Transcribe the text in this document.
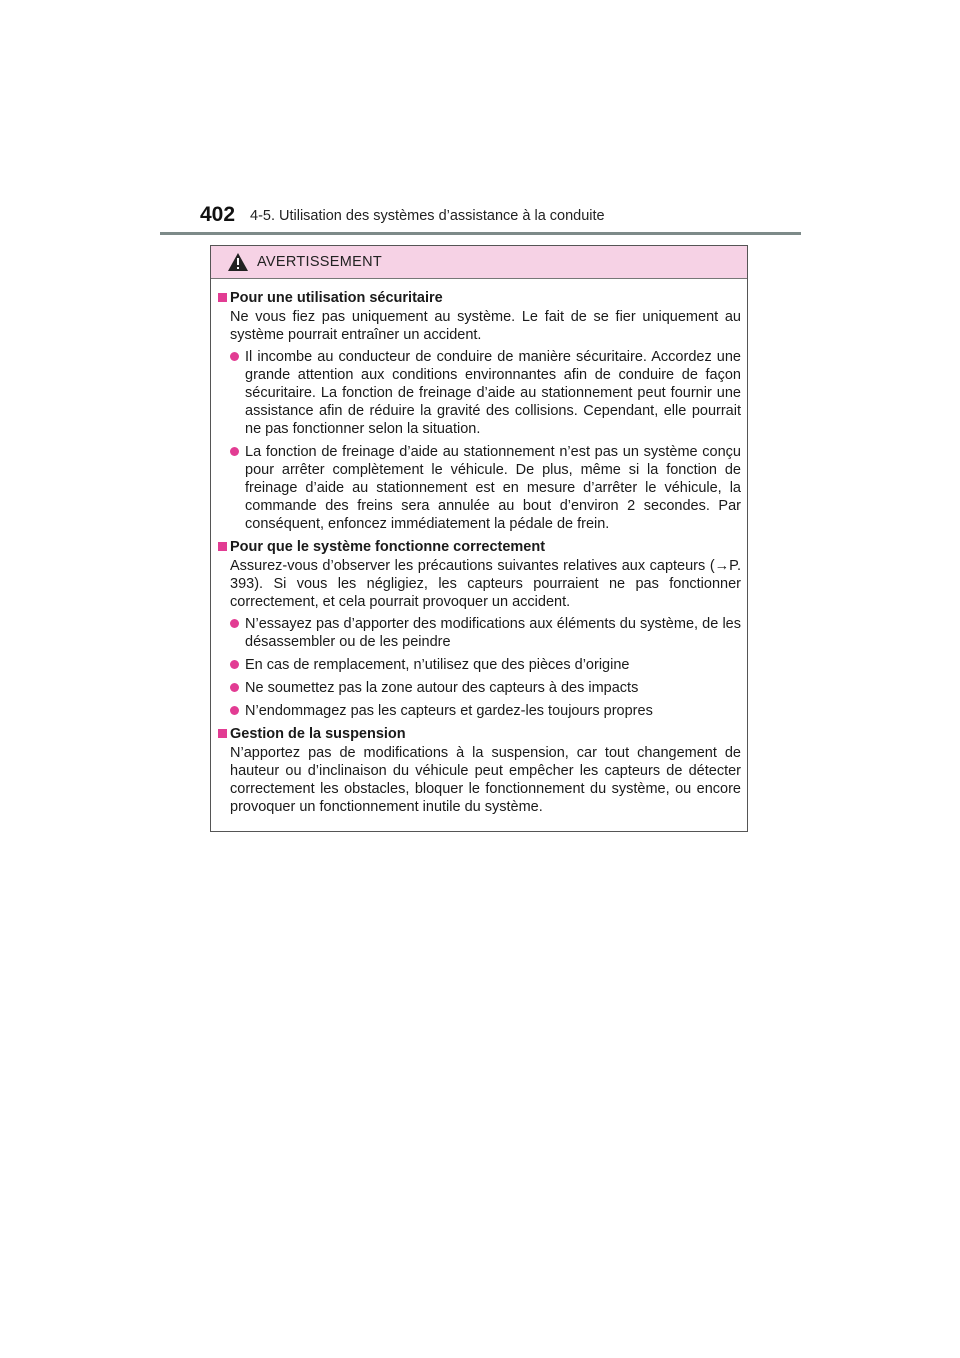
402 4-5. Utilisation des systèmes d’assistance à la conduite
AVERTISSEMENT
Pour une utilisation sécuritaire
Ne vous fiez pas uniquement au système. Le fait de se fier uniquement au système pourrait entraîner un accident.
Il incombe au conducteur de conduire de manière sécuritaire. Accordez une grande attention aux conditions environnantes afin de conduire de façon sécuritaire. La fonction de freinage d’aide au stationnement peut fournir une assistance afin de réduire la gravité des collisions. Cependant, elle pourrait ne pas fonctionner selon la situation.
La fonction de freinage d’aide au stationnement n’est pas un système conçu pour arrêter complètement le véhicule. De plus, même si la fonction de freinage d’aide au stationnement est en mesure d’arrêter le véhicule, la commande des freins sera annulée au bout d’environ 2 secondes. Par conséquent, enfoncez immédiatement la pédale de frein.
Pour que le système fonctionne correctement
Assurez-vous d’observer les précautions suivantes relatives aux capteurs (→P. 393). Si vous les négligiez, les capteurs pourraient ne pas fonctionner correctement, et cela pourrait provoquer un accident.
N’essayez pas d’apporter des modifications aux éléments du système, de les désassembler ou de les peindre
En cas de remplacement, n’utilisez que des pièces d’origine
Ne soumettez pas la zone autour des capteurs à des impacts
N’endommagez pas les capteurs et gardez-les toujours propres
Gestion de la suspension
N’apportez pas de modifications à la suspension, car tout changement de hauteur ou d’inclinaison du véhicule peut empêcher les capteurs de détecter correctement les obstacles, bloquer le fonctionnement du système, ou encore provoquer un fonctionnement inutile du système.
